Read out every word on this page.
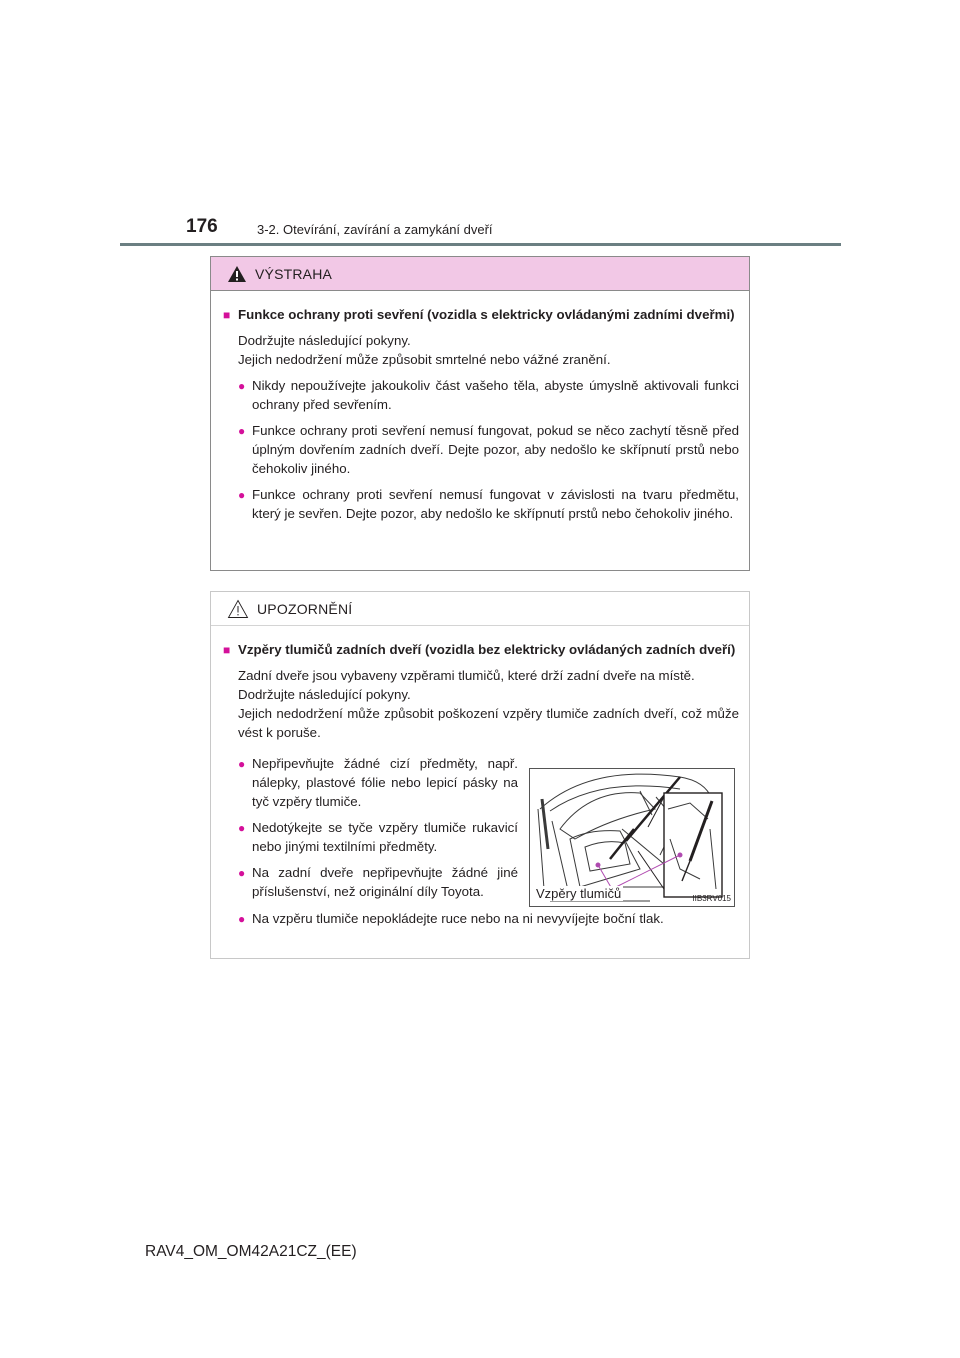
176	3-2. Otevírání, zavírání a zamykání dveří
VÝSTRAHA
■ Funkce ochrany proti sevření (vozidla s elektricky ovládanými zadními dveřmi)
Dodržujte následující pokyny.
Jejich nedodržení může způsobit smrtelné nebo vážné zranění.
● Nikdy nepoužívejte jakoukoliv část vašeho těla, abyste úmyslně aktivovali funkci ochrany před sevřením.
● Funkce ochrany proti sevření nemusí fungovat, pokud se něco zachytí těsně před úplným dovřením zadních dveří. Dejte pozor, aby nedošlo ke skřípnutí prstů nebo čehokoliv jiného.
● Funkce ochrany proti sevření nemusí fungovat v závislosti na tvaru předmětu, který je sevřen. Dejte pozor, aby nedošlo ke skřípnutí prstů nebo čehokoliv jiného.
UPOZORNĚNÍ
■ Vzpěry tlumičů zadních dveří (vozidla bez elektricky ovládaných zadních dveří)
Zadní dveře jsou vybaveny vzpěrami tlumičů, které drží zadní dveře na místě.
Dodržujte následující pokyny.
Jejich nedodržení může způsobit poškození vzpěry tlumiče zadních dveří, což může vést k poruše.
● Nepřipevňujte žádné cizí předměty, např. nálepky, plastové fólie nebo lepicí pásky na tyč vzpěry tlumiče.
● Nedotýkejte se tyče vzpěry tlumiče rukavicí nebo jinými textilními předměty.
● Na zadní dveře nepřipevňujte žádné jiné příslušenství, než originální díly Toyota.
● Na vzpěru tlumiče nepokládejte ruce nebo na ni nevyvíjejte boční tlak.
Vzpěry tlumičů	IIB3RV015
RAV4_OM_OM42A21CZ_(EE)
